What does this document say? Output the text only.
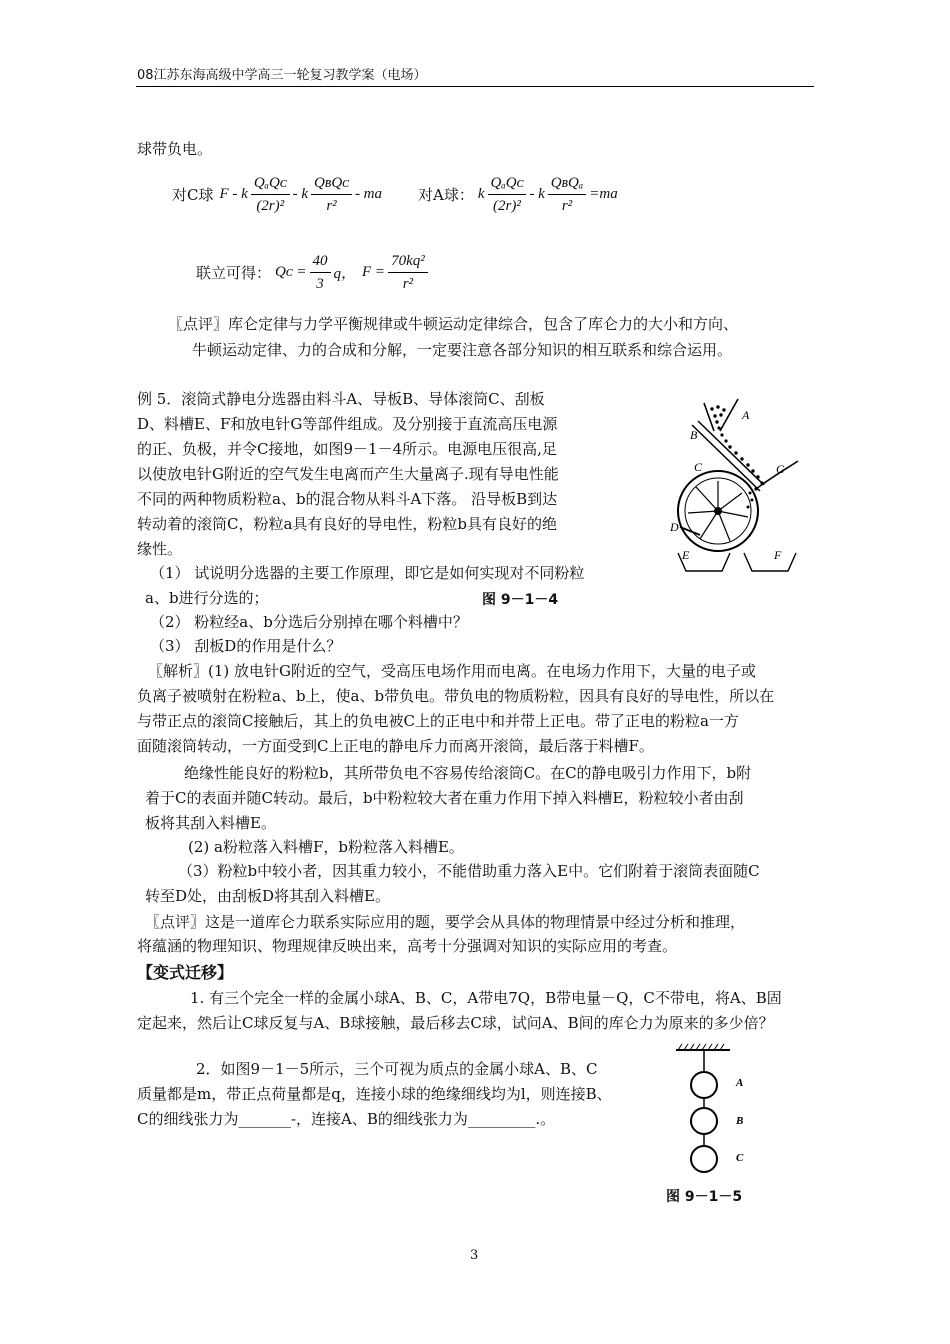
08江苏东海高级中学高三一轮复习教学案（电场）
球带负电。
对C球 F - k $\frac{\text{QₐQᴄ}}{\text{(2r)²}}$ - k $\frac{\text{QʙQᴄ}}{\text{r²}}$ - ma 对A球： k $\frac{\text{QₐQᴄ}}{\text{(2r)²}} - k \frac{\text{QʙQₐ}}{\text{r²}} =ma$
联立可得： Qᴄ = $\frac{40}{3}$ q， $F = \frac{\text{70kq²}}{\text{r²}}$
〖点评〗库仑定律与力学平衡规律或牛顿运动定律综合，包含了库仑力的大小和方向、
牛顿运动定律、力的合成和分解，一定要注意各部分知识的相互联系和综合运用。
例 5．滚筒式静电分选器由料斗A、导板B、导体滚筒C、刮板
D、料槽E、F和放电针G等部件组成。及分别接于直流高压电源
的正、负极，并令C接地，如图9－1－4所示。电源电压很高,足
以使放电针G附近的空气发生电离而产生大量离子.现有导电性能
不同的两种物质粉粒a、b的混合物从料斗A下落。 沿导板B到达
转动着的滚筒C，粉粒a具有良好的导电性，粉粒b具有良好的绝
缘性。
（1） 试说明分选器的主要工作原理，即它是如何实现对不同粉粒
a、b进行分选的；	图 9－1－4
（2） 粉粒经a、b分选后分别掉在哪个料槽中？
（3） 刮板D的作用是什么？
A
B
C
D
E	F
G
〖解析〗(1) 放电针G附近的空气，受高压电场作用而电离。在电场力作用下，大量的电子或
负离子被喷射在粉粒a、b上，使a、b带负电。带负电的物质粉粒，因具有良好的导电性，所以在
与带正点的滚筒C接触后，其上的负电被C上的正电中和并带上正电。带了正电的粉粒a一方
面随滚筒转动，一方面受到C上正电的静电斥力而离开滚筒，最后落于料槽F。
绝缘性能良好的粉粒b，其所带负电不容易传给滚筒C。在C的静电吸引力作用下，b附
着于C的表面并随C转动。最后，b中粉粒较大者在重力作用下掉入料槽E，粉粒较小者由刮
板将其刮入料槽E。
(2) a粉粒落入料槽F，b粉粒落入料槽E。
（3）粉粒b中较小者，因其重力较小，不能借助重力落入E中。它们附着于滚筒表面随C
转至D处，由刮板D将其刮入料槽E。
〖点评〗这是一道库仑力联系实际应用的题，要学会从具体的物理情景中经过分析和推理，
将蕴涵的物理知识、物理规律反映出来，高考十分强调对知识的实际应用的考查。
【变式迁移】
1. 有三个完全一样的金属小球A、B、C，A带电7Q，B带电量－Q，C不带电，将A、B固
定起来，然后让C球反复与A、B球接触，最后移去C球，试问A、B间的库仑力为原来的多少倍？
2．如图9－1－5所示，三个可视为质点的金属小球A、B、C
质量都是m，带正点荷量都是q，连接小球的绝缘细线均为l，则连接B、
C的细线张力为_______-，连接A、B的细线张力为_________.。
A
B
C
图 9－1－5
3
